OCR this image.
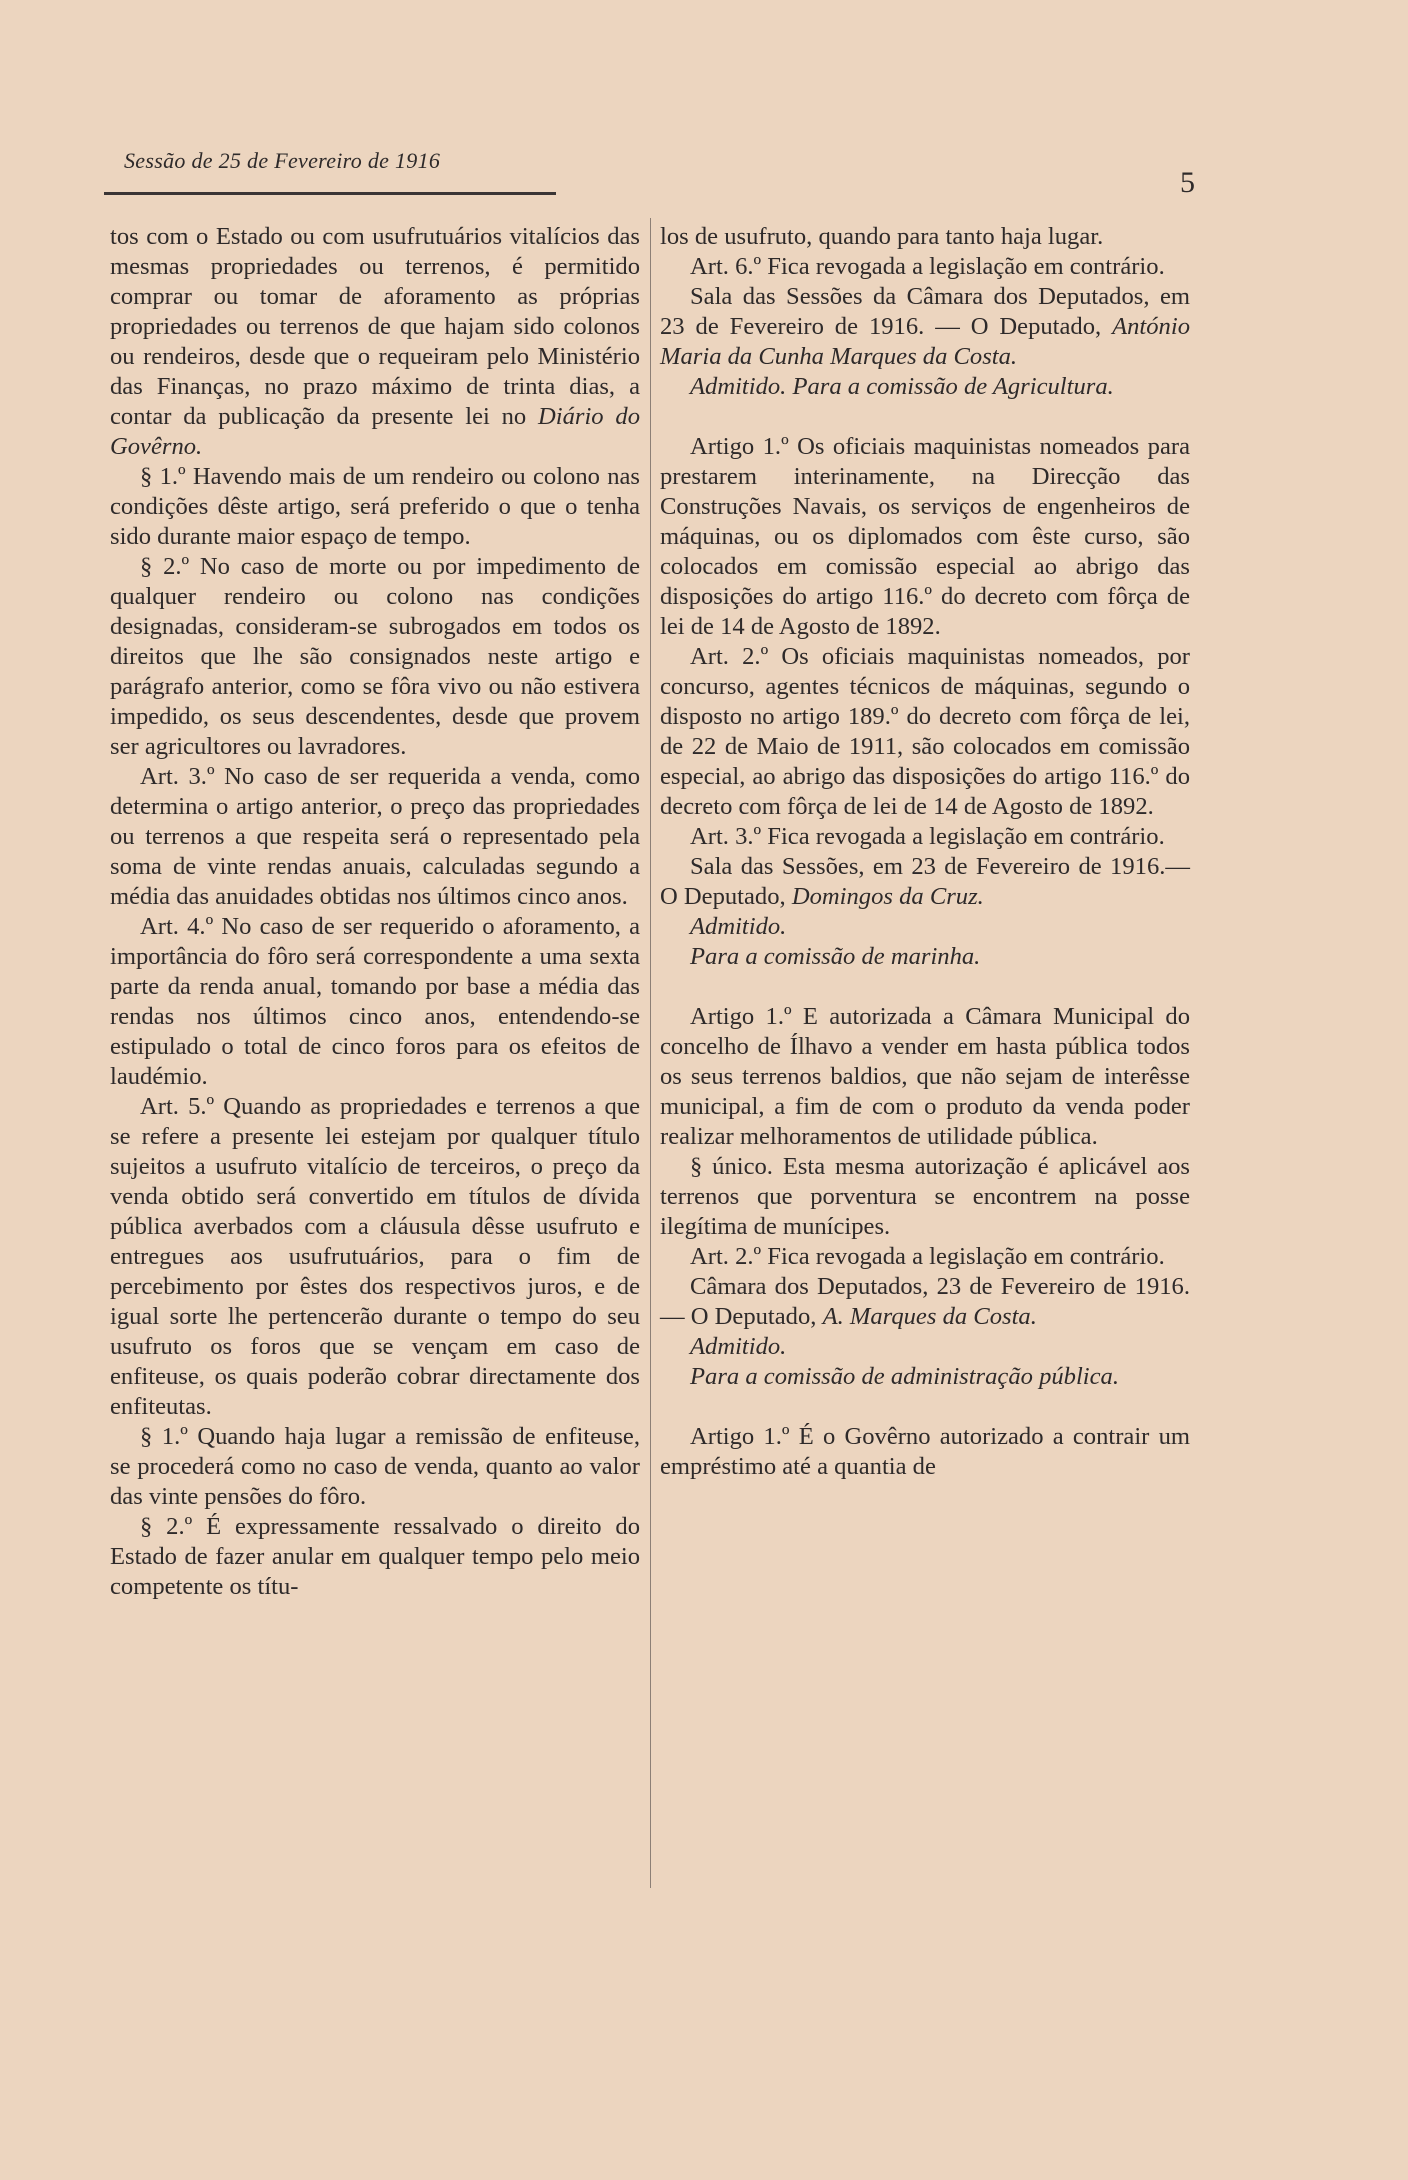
Sessão de 25 de Fevereiro de 1916
5

tos com o Estado ou com usufrutuários vitalícios das mesmas propriedades ou terrenos, é permitido comprar ou tomar de aforamento as próprias propriedades ou terrenos de que hajam sido colonos ou rendeiros, desde que o requeiram pelo Ministério das Finanças, no prazo máximo de trinta dias, a contar da publicação da presente lei no Diário do Govêrno.

§ 1.º Havendo mais de um rendeiro ou colono nas condições dêste artigo, será preferido o que o tenha sido durante maior espaço de tempo.

§ 2.º No caso de morte ou por impedimento de qualquer rendeiro ou colono nas condições designadas, consideram-se subrogados em todos os direitos que lhe são consignados neste artigo e parágrafo anterior, como se fôra vivo ou não estivera impedido, os seus descendentes, desde que provem ser agricultores ou lavradores.

Art. 3.º No caso de ser requerida a venda, como determina o artigo anterior, o preço das propriedades ou terrenos a que respeita será o representado pela soma de vinte rendas anuais, calculadas segundo a média das anuidades obtidas nos últimos cinco anos.

Art. 4.º No caso de ser requerido o aforamento, a importância do fôro será correspondente a uma sexta parte da renda anual, tomando por base a média das rendas nos últimos cinco anos, entendendo-se estipulado o total de cinco foros para os efeitos de laudémio.

Art. 5.º Quando as propriedades e terrenos a que se refere a presente lei estejam por qualquer título sujeitos a usufruto vitalício de terceiros, o preço da venda obtido será convertido em títulos de dívida pública averbados com a cláusula dêsse usufruto e entregues aos usufrutuários, para o fim de percebimento por êstes dos respectivos juros, e de igual sorte lhe pertencerão durante o tempo do seu usufruto os foros que se vençam em caso de enfiteuse, os quais poderão cobrar directamente dos enfiteutas.

§ 1.º Quando haja lugar a remissão de enfiteuse, se procederá como no caso de venda, quanto ao valor das vinte pensões do fôro.

§ 2.º É expressamente ressalvado o direito do Estado de fazer anular em qualquer tempo pelo meio competente os títu-

los de usufruto, quando para tanto haja lugar.

Art. 6.º Fica revogada a legislação em contrário.

Sala das Sessões da Câmara dos Deputados, em 23 de Fevereiro de 1916. — O Deputado, António Maria da Cunha Marques da Costa.

Admitido. Para a comissão de Agricultura.

Artigo 1.º Os oficiais maquinistas nomeados para prestarem interinamente, na Direcção das Construções Navais, os serviços de engenheiros de máquinas, ou os diplomados com êste curso, são colocados em comissão especial ao abrigo das disposições do artigo 116.º do decreto com fôrça de lei de 14 de Agosto de 1892.

Art. 2.º Os oficiais maquinistas nomeados, por concurso, agentes técnicos de máquinas, segundo o disposto no artigo 189.º do decreto com fôrça de lei, de 22 de Maio de 1911, são colocados em comissão especial, ao abrigo das disposições do artigo 116.º do decreto com fôrça de lei de 14 de Agosto de 1892.

Art. 3.º Fica revogada a legislação em contrário.

Sala das Sessões, em 23 de Fevereiro de 1916.— O Deputado, Domingos da Cruz.

Admitido.

Para a comissão de marinha.

Artigo 1.º E autorizada a Câmara Municipal do concelho de Ílhavo a vender em hasta pública todos os seus terrenos baldios, que não sejam de interêsse municipal, a fim de com o produto da venda poder realizar melhoramentos de utilidade pública.

§ único. Esta mesma autorização é aplicável aos terrenos que porventura se encontrem na posse ilegítima de munícipes.

Art. 2.º Fica revogada a legislação em contrário.

Câmara dos Deputados, 23 de Fevereiro de 1916.— O Deputado, A. Marques da Costa.

Admitido.

Para a comissão de administração pública.

Artigo 1.º É o Govêrno autorizado a contrair um empréstimo até a quantia de
